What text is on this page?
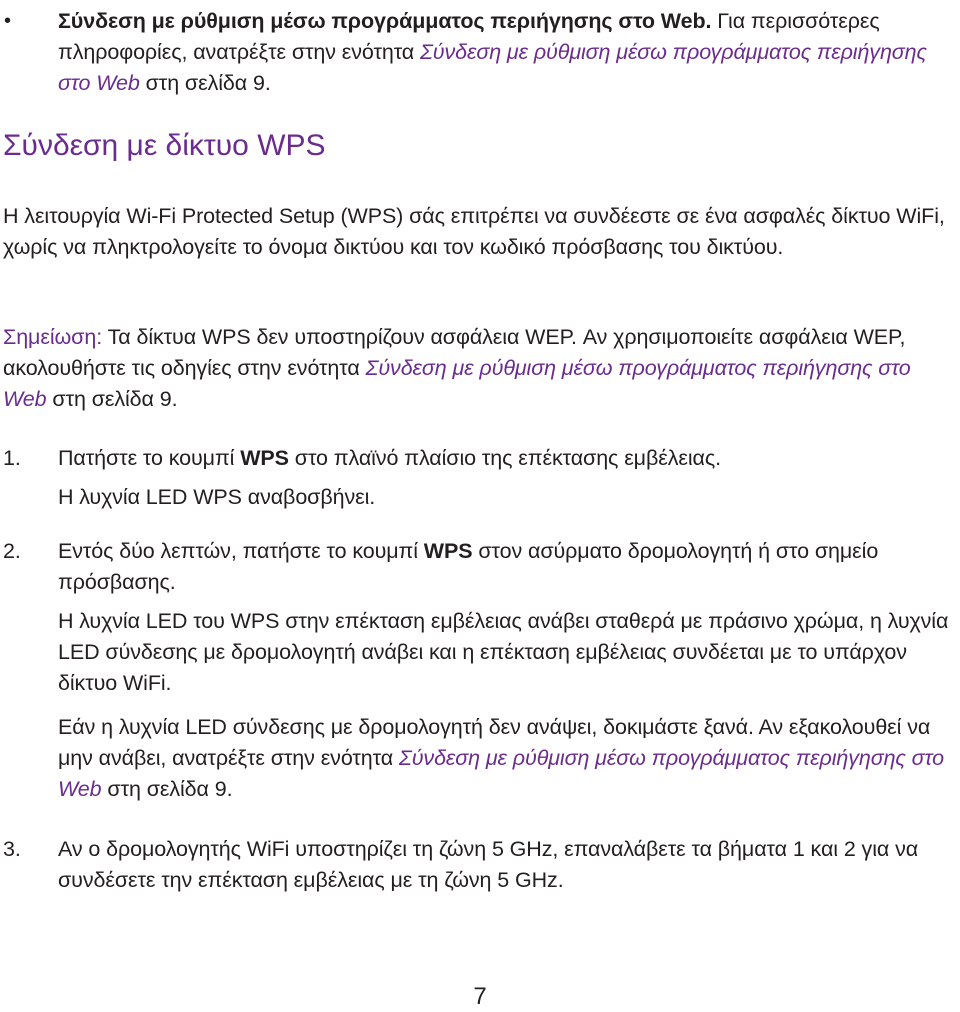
• Σύνδεση με ρύθμιση μέσω προγράμματος περιήγησης στο Web. Για περισσότερες πληροφορίες, ανατρέξτε στην ενότητα Σύνδεση με ρύθμιση μέσω προγράμματος περιήγησης στο Web στη σελίδα 9.

Σύνδεση με δίκτυο WPS

Η λειτουργία Wi-Fi Protected Setup (WPS) σάς επιτρέπει να συνδέεστε σε ένα ασφαλές δίκτυο WiFi, χωρίς να πληκτρολογείτε το όνομα δικτύου και τον κωδικό πρόσβασης του δικτύου.

Σημείωση: Τα δίκτυα WPS δεν υποστηρίζουν ασφάλεια WEP. Αν χρησιμοποιείτε ασφάλεια WEP, ακολουθήστε τις οδηγίες στην ενότητα Σύνδεση με ρύθμιση μέσω προγράμματος περιήγησης στο Web στη σελίδα 9.

1. Πατήστε το κουμπί WPS στο πλαϊνό πλαίσιο της επέκτασης εμβέλειας.

Η λυχνία LED WPS αναβοσβήνει.

2. Εντός δύο λεπτών, πατήστε το κουμπί WPS στον ασύρματο δρομολογητή ή στο σημείο πρόσβασης.

Η λυχνία LED του WPS στην επέκταση εμβέλειας ανάβει σταθερά με πράσινο χρώμα, η λυχνία LED σύνδεσης με δρομολογητή ανάβει και η επέκταση εμβέλειας συνδέεται με το υπάρχον δίκτυο WiFi.

Εάν η λυχνία LED σύνδεσης με δρομολογητή δεν ανάψει, δοκιμάστε ξανά. Αν εξακολουθεί να μην ανάβει, ανατρέξτε στην ενότητα Σύνδεση με ρύθμιση μέσω προγράμματος περιήγησης στο Web στη σελίδα 9.

3. Αν ο δρομολογητής WiFi υποστηρίζει τη ζώνη 5 GHz, επαναλάβετε τα βήματα 1 και 2 για να συνδέσετε την επέκταση εμβέλειας με τη ζώνη 5 GHz.

7
